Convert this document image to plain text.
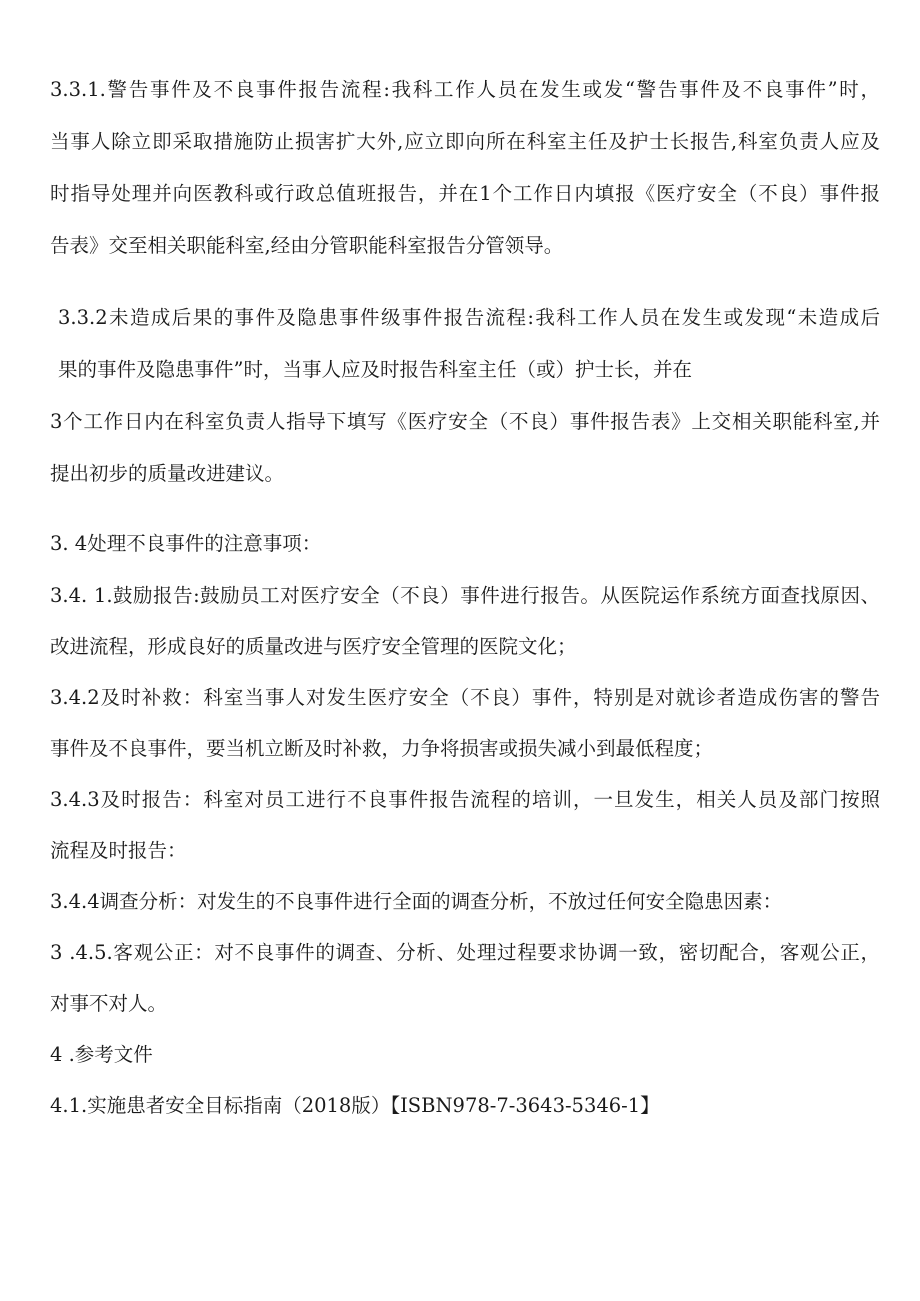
3.3.1.警告事件及不良事件报告流程:我科工作人员在发生或发“警告事件及不良事件”时，

当事人除立即采取措施防止损害扩大外,应立即向所在科室主任及护士长报告,科室负责人应及

时指导处理并向医教科或行政总值班报告，并在1个工作日内填报《医疗安全（不良）事件报

告表》交至相关职能科室,经由分管职能科室报告分管领导。

3.3.2未造成后果的事件及隐患事件级事件报告流程:我科工作人员在发生或发现“未造成后

果的事件及隐患事件”时，当事人应及时报告科室主任（或）护士长，并在

3个工作日内在科室负责人指导下填写《医疗安全（不良）事件报告表》上交相关职能科室,并

提出初步的质量改进建议。

3. 4处理不良事件的注意事项：

3.4. 1.鼓励报告:鼓励员工对医疗安全（不良）事件进行报告。从医院运作系统方面查找原因、

改进流程，形成良好的质量改进与医疗安全管理的医院文化；

3.4.2及时补救：科室当事人对发生医疗安全（不良）事件，特别是对就诊者造成伤害的警告

事件及不良事件，要当机立断及时补救，力争将损害或损失减小到最低程度；

3.4.3及时报告：科室对员工进行不良事件报告流程的培训，一旦发生，相关人员及部门按照

流程及时报告：

3.4.4调查分析：对发生的不良事件进行全面的调查分析，不放过任何安全隐患因素：

3 .4.5.客观公正：对不良事件的调查、分析、处理过程要求协调一致，密切配合，客观公正，

对事不对人。

4 .参考文件

4.1.实施患者安全目标指南（2018版）【ISBN978-7-3643-5346-1】
